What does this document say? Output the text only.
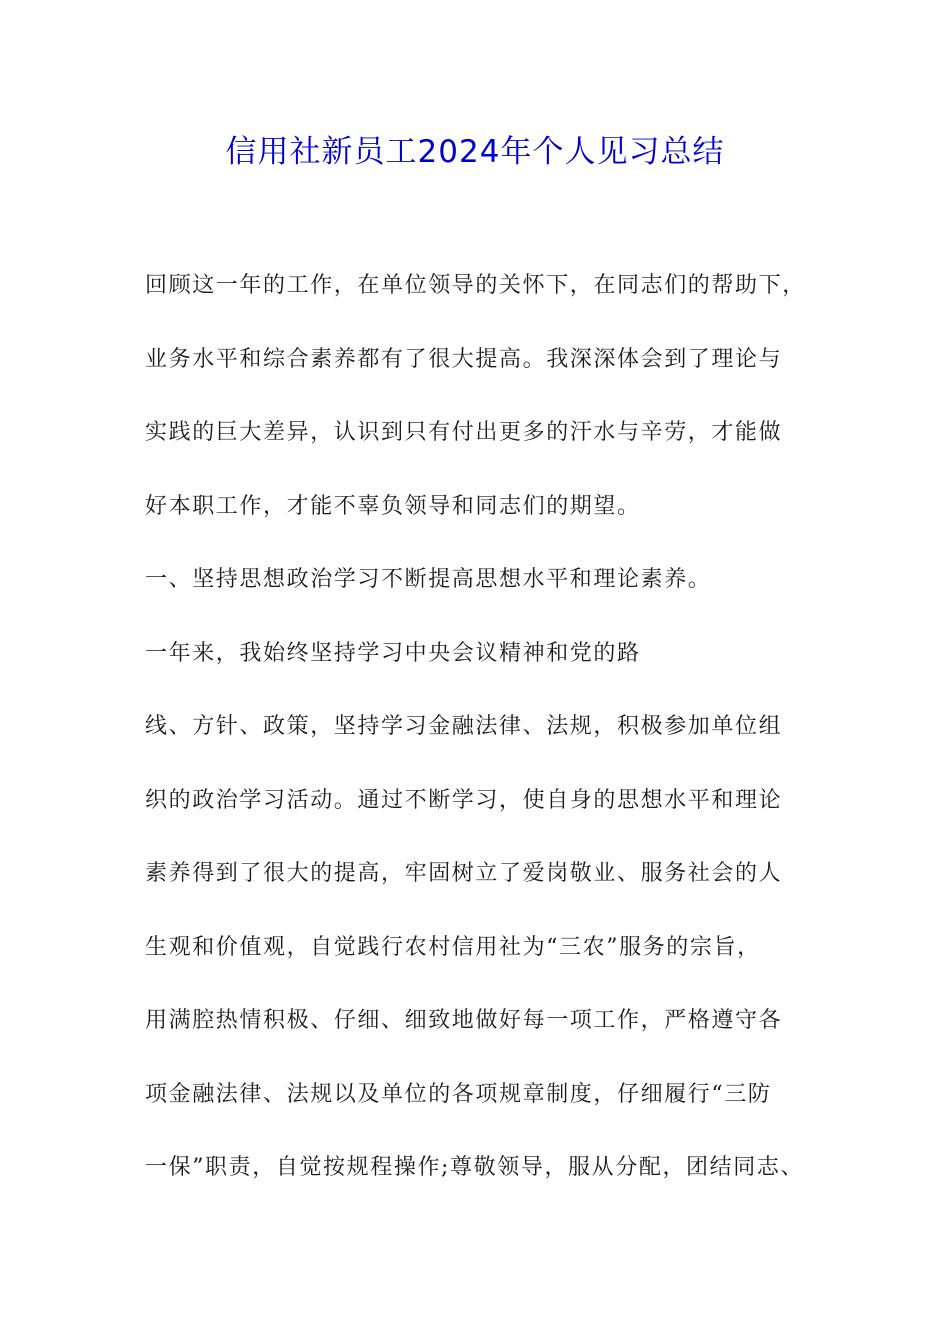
信用社新员工2024年个人见习总结
回顾这一年的工作，在单位领导的关怀下，在同志们的帮助下，
业务水平和综合素养都有了很大提高。我深深体会到了理论与
实践的巨大差异，认识到只有付出更多的汗水与辛劳，才能做
好本职工作，才能不辜负领导和同志们的期望。
一、坚持思想政治学习不断提高思想水平和理论素养。
一年来，我始终坚持学习中央会议精神和党的路
线、方针、政策，坚持学习金融法律、法规，积极参加单位组
织的政治学习活动。通过不断学习，使自身的思想水平和理论
素养得到了很大的提高，牢固树立了爱岗敬业、服务社会的人
生观和价值观，自觉践行农村信用社为“三农”服务的宗旨，
用满腔热情积极、仔细、细致地做好每一项工作，严格遵守各
项金融法律、法规以及单位的各项规章制度，仔细履行“三防
一保”职责，自觉按规程操作;尊敬领导，服从分配，团结同志、
